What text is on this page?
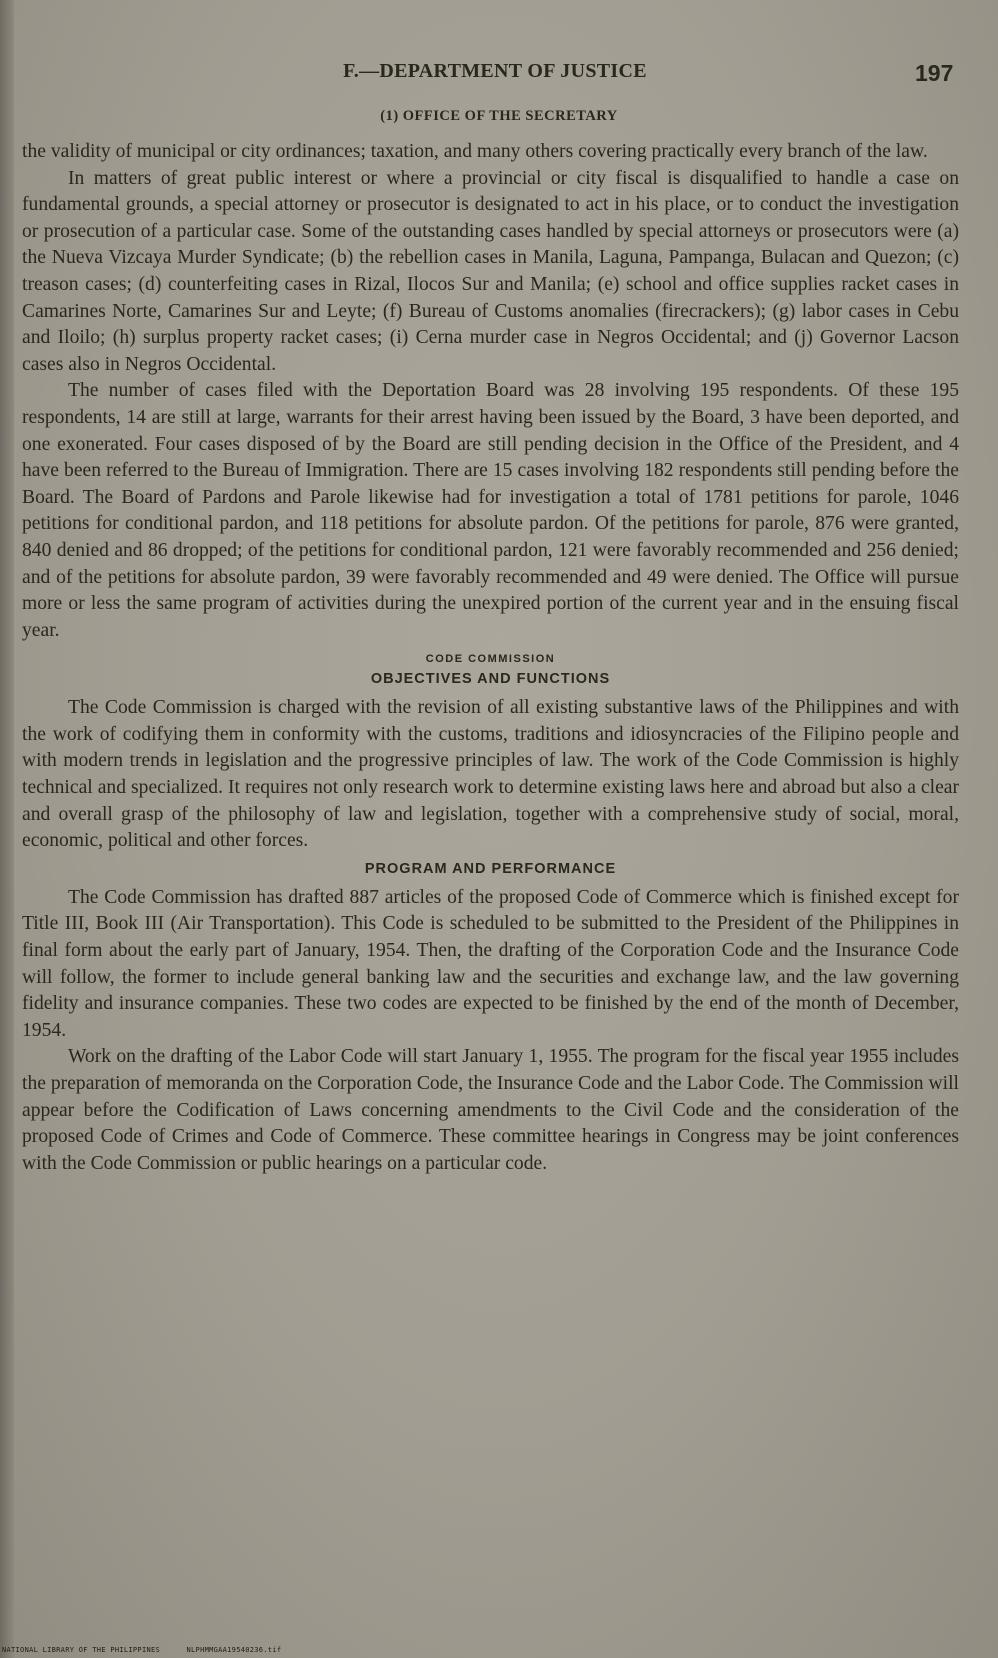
F.—DEPARTMENT OF JUSTICE	197
(1) OFFICE OF THE SECRETARY

the validity of municipal or city ordinances; taxation, and many others covering practically every branch of the law.

In matters of great public interest or where a provincial or city fiscal is disqualified to handle a case on fundamental grounds, a special attorney or prosecutor is designated to act in his place, or to conduct the investigation or prosecution of a particular case. Some of the outstanding cases handled by special attorneys or prosecutors were (a) the Nueva Vizcaya Murder Syndicate; (b) the rebellion cases in Manila, Laguna, Pampanga, Bulacan and Quezon; (c) treason cases; (d) counterfeiting cases in Rizal, Ilocos Sur and Manila; (e) school and office supplies racket cases in Camarines Norte, Camarines Sur and Leyte; (f) Bureau of Customs anomalies (firecrackers); (g) labor cases in Cebu and Iloilo; (h) surplus property racket cases; (i) Cerna murder case in Negros Occidental; and (j) Governor Lacson cases also in Negros Occidental.

The number of cases filed with the Deportation Board was 28 involving 195 respondents. Of these 195 respondents, 14 are still at large, warrants for their arrest having been issued by the Board, 3 have been deported, and one exonerated. Four cases disposed of by the Board are still pending decision in the Office of the President, and 4 have been referred to the Bureau of Immigration. There are 15 cases involving 182 respondents still pending before the Board. The Board of Pardons and Parole likewise had for investigation a total of 1781 petitions for parole, 1046 petitions for conditional pardon, and 118 petitions for absolute pardon. Of the petitions for parole, 876 were granted, 840 denied and 86 dropped; of the petitions for conditional pardon, 121 were favorably recommended and 256 denied; and of the petitions for absolute pardon, 39 were favorably recommended and 49 were denied. The Office will pursue more or less the same program of activities during the unexpired portion of the current year and in the ensuing fiscal year.

CODE COMMISSION
OBJECTIVES AND FUNCTIONS

The Code Commission is charged with the revision of all existing substantive laws of the Philippines and with the work of codifying them in conformity with the customs, traditions and idiosyncracies of the Filipino people and with modern trends in legislation and the progressive principles of law. The work of the Code Commission is highly technical and specialized. It requires not only research work to determine existing laws here and abroad but also a clear and overall grasp of the philosophy of law and legislation, together with a comprehensive study of social, moral, economic, political and other forces.

PROGRAM AND PERFORMANCE

The Code Commission has drafted 887 articles of the proposed Code of Commerce which is finished except for Title III, Book III (Air Transportation). This Code is scheduled to be submitted to the President of the Philippines in final form about the early part of January, 1954. Then, the drafting of the Corporation Code and the Insurance Code will follow, the former to include general banking law and the securities and exchange law, and the law governing fidelity and insurance companies. These two codes are expected to be finished by the end of the month of December, 1954.

Work on the drafting of the Labor Code will start January 1, 1955. The program for the fiscal year 1955 includes the preparation of memoranda on the Corporation Code, the Insurance Code and the Labor Code. The Commission will appear before the Codification of Laws concerning amendments to the Civil Code and the consideration of the proposed Code of Crimes and Code of Commerce. These committee hearings in Congress may be joint conferences with the Code Commission or public hearings on a particular code.

NATIONAL LIBRARY OF THE PHILIPPINES	NLPHMMGAA19540236.tif
